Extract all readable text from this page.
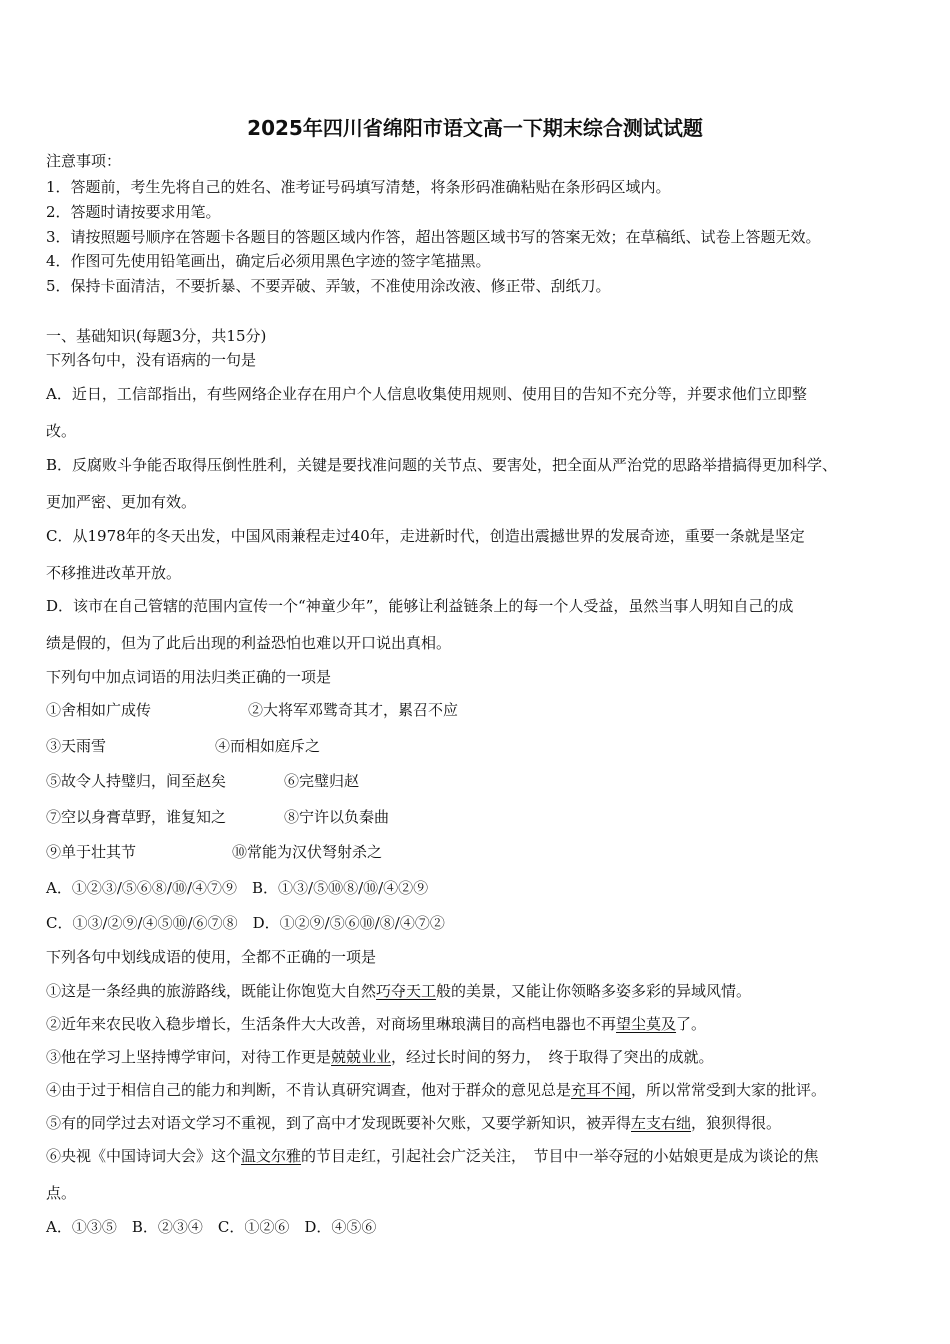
2025年四川省绵阳市语文高一下期末综合测试试题
注意事项：
1．答题前，考生先将自己的姓名、准考证号码填写清楚，将条形码准确粘贴在条形码区域内。
2．答题时请按要求用笔。
3．请按照题号顺序在答题卡各题目的答题区域内作答，超出答题区域书写的答案无效；在草稿纸、试卷上答题无效。
4．作图可先使用铅笔画出，确定后必须用黑色字迹的签字笔描黑。
5．保持卡面清洁，不要折暴、不要弄破、弄皱，不准使用涂改液、修正带、刮纸刀。
一、基础知识(每题3分，共15分)
下列各句中，没有语病的一句是
A．近日，工信部指出，有些网络企业存在用户个人信息收集使用规则、使用目的告知不充分等，并要求他们立即整
改。
B．反腐败斗争能否取得压倒性胜利，关键是要找准问题的关节点、要害处，把全面从严治党的思路举措搞得更加科学、
更加严密、更加有效。
C．从1978年的冬天出发，中国风雨兼程走过40年，走进新时代，创造出震撼世界的发展奇迹，重要一条就是坚定
不移推进改革开放。
D．该市在自己管辖的范围内宣传一个“神童少年”，能够让利益链条上的每一个人受益，虽然当事人明知自己的成
绩是假的，但为了此后出现的利益恐怕也难以开口说出真相。
下列句中加点词语的用法归类正确的一项是
①舍相如广成传	②大将军邓骘奇其才，累召不应
③天雨雪	④而相如庭斥之
⑤故令人持璧归，间至赵矣	⑥完璧归赵
⑦空以身膏草野，谁复知之	⑧宁许以负秦曲
⑨单于壮其节	⑩常能为汉伏弩射杀之
A．①②③/⑤⑥⑧/⑩/④⑦⑨　B．①③/⑤⑩⑧/⑩/④②⑨
C．①③/②⑨/④⑤⑩/⑥⑦⑧　D．①②⑨/⑤⑥⑩/⑧/④⑦②
下列各句中划线成语的使用，全都不正确的一项是
①这是一条经典的旅游路线，既能让你饱览大自然巧夺天工般的美景，又能让你领略多姿多彩的异域风情。
②近年来农民收入稳步增长，生活条件大大改善，对商场里琳琅满目的高档电器也不再望尘莫及了。
③他在学习上坚持博学审问，对待工作更是兢兢业业，经过长时间的努力，　终于取得了突出的成就。
④由于过于相信自己的能力和判断，不肯认真研究调查，他对于群众的意见总是充耳不闻，所以常常受到大家的批评。
⑤有的同学过去对语文学习不重视，到了高中才发现既要补欠账，又要学新知识，被弄得左支右绌，狼狈得很。
⑥央视《中国诗词大会》这个温文尔雅的节目走红，引起社会广泛关注，　节目中一举夺冠的小姑娘更是成为谈论的焦
点。
A．①③⑤　B．②③④　C．①②⑥　D．④⑤⑥
